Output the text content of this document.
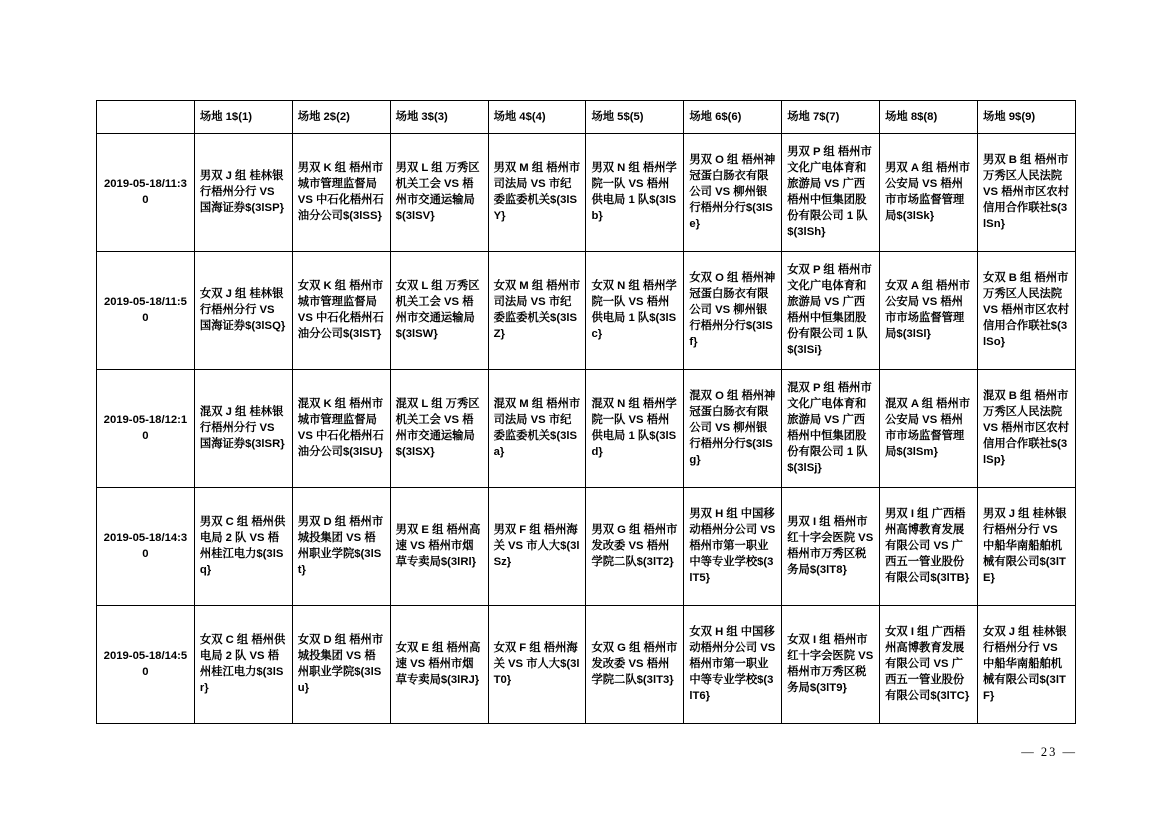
	场地 1$(1)	场地 2$(2)	场地 3$(3)	场地 4$(4)	场地 5$(5)	场地 6$(6)	场地 7$(7)	场地 8$(8)	场地 9$(9)
2019-05-18/11:30	男双 J 组 桂林银行梧州分行 VS 国海证券$(3lSP}	男双 K 组 梧州市城市管理监督局 VS 中石化梧州石油分公司$(3lSS}	男双 L 组 万秀区机关工会 VS 梧州市交通运输局$(3lSV}	男双 M 组 梧州市司法局 VS 市纪委监委机关$(3lSY}	男双 N 组 梧州学院一队 VS 梧州供电局 1 队$(3lSb}	男双 O 组 梧州神冠蛋白肠衣有限公司 VS 柳州银行梧州分行$(3lSe}	男双 P 组 梧州市文化广电体育和旅游局 VS 广西梧州中恒集团股份有限公司 1 队$(3lSh}	男双 A 组 梧州市公安局 VS 梧州市市场监督管理局$(3lSk}	男双 B 组 梧州市万秀区人民法院 VS 梧州市区农村信用合作联社$(3lSn}
2019-05-18/11:50	女双 J 组 桂林银行梧州分行 VS 国海证券$(3lSQ}	女双 K 组 梧州市城市管理监督局 VS 中石化梧州石油分公司$(3lST}	女双 L 组 万秀区机关工会 VS 梧州市交通运输局$(3lSW}	女双 M 组 梧州市司法局 VS 市纪委监委机关$(3lSZ}	女双 N 组 梧州学院一队 VS 梧州供电局 1 队$(3lSc}	女双 O 组 梧州神冠蛋白肠衣有限公司 VS 柳州银行梧州分行$(3lSf}	女双 P 组 梧州市文化广电体育和旅游局 VS 广西梧州中恒集团股份有限公司 1 队$(3lSi}	女双 A 组 梧州市公安局 VS 梧州市市场监督管理局$(3lSl}	女双 B 组 梧州市万秀区人民法院 VS 梧州市区农村信用合作联社$(3lSo}
2019-05-18/12:10	混双 J 组 桂林银行梧州分行 VS 国海证券$(3lSR}	混双 K 组 梧州市城市管理监督局 VS 中石化梧州石油分公司$(3lSU}	混双 L 组 万秀区机关工会 VS 梧州市交通运输局$(3lSX}	混双 M 组 梧州市司法局 VS 市纪委监委机关$(3lSa}	混双 N 组 梧州学院一队 VS 梧州供电局 1 队$(3lSd}	混双 O 组 梧州神冠蛋白肠衣有限公司 VS 柳州银行梧州分行$(3lSg}	混双 P 组 梧州市文化广电体育和旅游局 VS 广西梧州中恒集团股份有限公司 1 队$(3lSj}	混双 A 组 梧州市公安局 VS 梧州市市场监督管理局$(3lSm}	混双 B 组 梧州市万秀区人民法院 VS 梧州市区农村信用合作联社$(3lSp}
2019-05-18/14:30	男双 C 组 梧州供电局 2 队 VS 梧州桂江电力$(3lSq}	男双 D 组 梧州市城投集团 VS 梧州职业学院$(3lSt}	男双 E 组 梧州高速 VS 梧州市烟草专卖局$(3lRl}	男双 F 组 梧州海关 VS 市人大$(3lSz}	男双 G 组 梧州市发改委 VS 梧州学院二队$(3lT2}	男双 H 组 中国移动梧州分公司 VS 梧州市第一职业中等专业学校$(3lT5}	男双 I 组 梧州市红十字会医院 VS 梧州市万秀区税务局$(3lT8}	男双 I 组 广西梧州高博教育发展有限公司 VS 广西五一管业股份有限公司$(3lTB}	男双 J 组 桂林银行梧州分行 VS 中船华南船舶机械有限公司$(3lTE}
2019-05-18/14:50	女双 C 组 梧州供电局 2 队 VS 梧州桂江电力$(3lSr}	女双 D 组 梧州市城投集团 VS 梧州职业学院$(3lSu}	女双 E 组 梧州高速 VS 梧州市烟草专卖局$(3lRJ}	女双 F 组 梧州海关 VS 市人大$(3lT0}	女双 G 组 梧州市发改委 VS 梧州学院二队$(3lT3}	女双 H 组 中国移动梧州分公司 VS 梧州市第一职业中等专业学校$(3lT6}	女双 I 组 梧州市红十字会医院 VS 梧州市万秀区税务局$(3lT9}	女双 I 组 广西梧州高博教育发展有限公司 VS 广西五一管业股份有限公司$(3lTC}	女双 J 组 桂林银行梧州分行 VS 中船华南船舶机械有限公司$(3lTF}
— 23 —
